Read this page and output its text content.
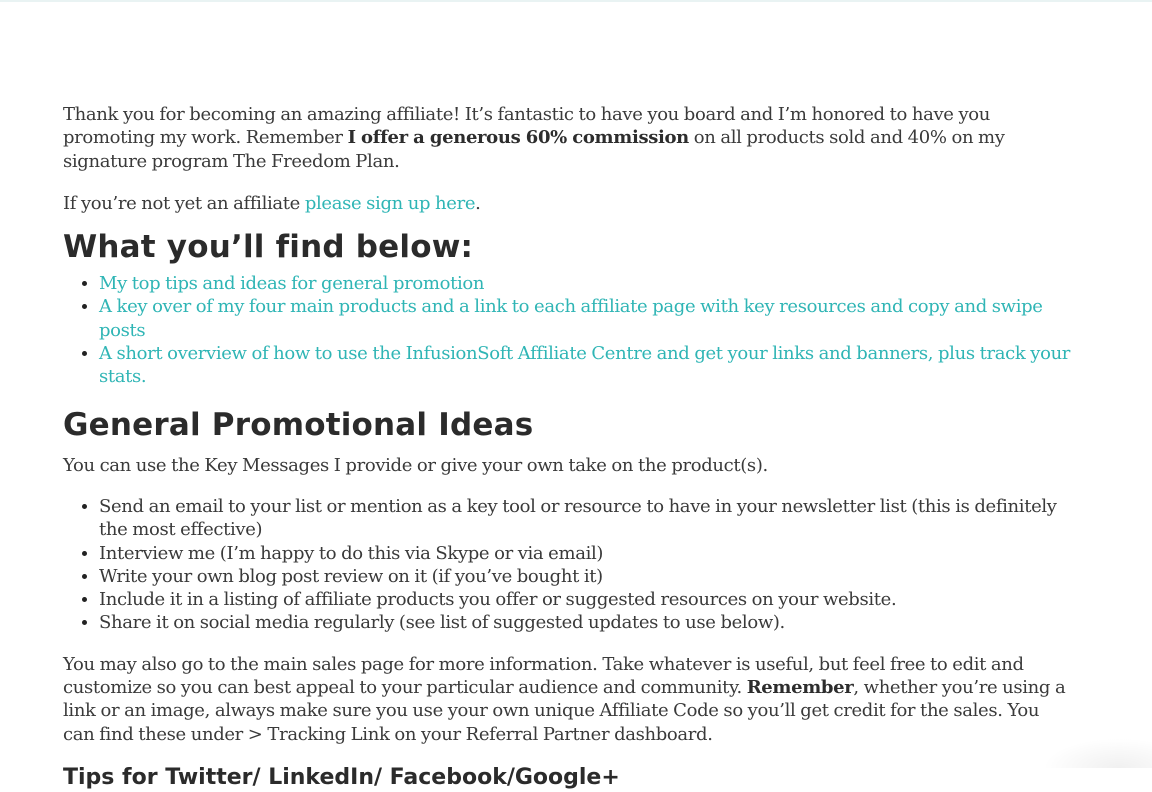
Thank you for becoming an amazing affiliate! It’s fantastic to have you board and I’m honored to have you promoting my work. Remember I offer a generous 60% commission on all products sold and 40% on my signature program The Freedom Plan.

If you’re not yet an affiliate please sign up here.

What you’ll find below:
• My top tips and ideas for general promotion
• A key over of my four main products and a link to each affiliate page with key resources and copy and swipe posts
• A short overview of how to use the InfusionSoft Affiliate Centre and get your links and banners, plus track your stats.
General Promotional Ideas

You can use the Key Messages I provide or give your own take on the product(s).

• Send an email to your list or mention as a key tool or resource to have in your newsletter list (this is definitely the most effective)
• Interview me (I’m happy to do this via Skype or via email)
• Write your own blog post review on it (if you’ve bought it)
• Include it in a listing of affiliate products you offer or suggested resources on your website.
• Share it on social media regularly (see list of suggested updates to use below).

You may also go to the main sales page for more information. Take whatever is useful, but feel free to edit and customize so you can best appeal to your particular audience and community. Remember, whether you’re using a link or an image, always make sure you use your own unique Affiliate Code so you’ll get credit for the sales. You can find these under > Tracking Link on your Referral Partner dashboard.

Tips for Twitter/ LinkedIn/ Facebook/Google+
